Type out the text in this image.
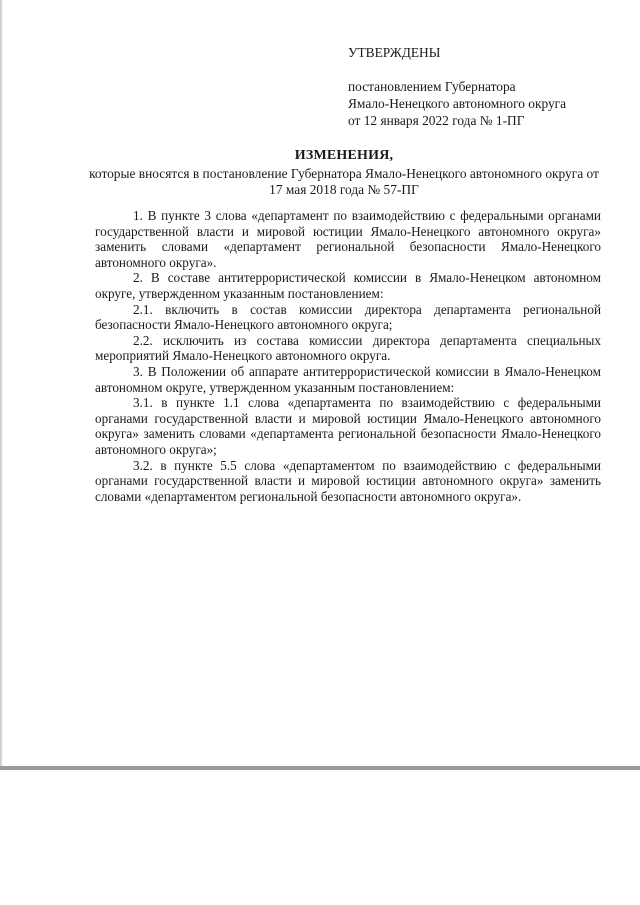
УТВЕРЖДЕНЫ
постановлением Губернатора
Ямало-Ненецкого автономного округа
от 12 января 2022 года № 1-ПГ
ИЗМЕНЕНИЯ,
которые вносятся в постановление Губернатора Ямало-Ненецкого автономного округа от 17 мая 2018 года № 57-ПГ

1. В пункте 3 слова «департамент по взаимодействию с федеральными органами государственной власти и мировой юстиции Ямало-Ненецкого автономного округа» заменить словами «департамент региональной безопасности Ямало-Ненецкого автономного округа».

2. В составе антитеррористической комиссии в Ямало-Ненецком автономном округе, утвержденном указанным постановлением:

2.1. включить в состав комиссии директора департамента региональной безопасности Ямало-Ненецкого автономного округа;

2.2. исключить из состава комиссии директора департамента специальных мероприятий Ямало-Ненецкого автономного округа.

3. В Положении об аппарате антитеррористической комиссии в Ямало-Ненецком автономном округе, утвержденном указанным постановлением:

3.1. в пункте 1.1 слова «департамента по взаимодействию с федеральными органами государственной власти и мировой юстиции Ямало-Ненецкого автономного округа» заменить словами «департамента региональной безопасности Ямало-Ненецкого автономного округа»;

3.2. в пункте 5.5 слова «департаментом по взаимодействию с федеральными органами государственной власти и мировой юстиции автономного округа» заменить словами «департаментом региональной безопасности автономного округа».
